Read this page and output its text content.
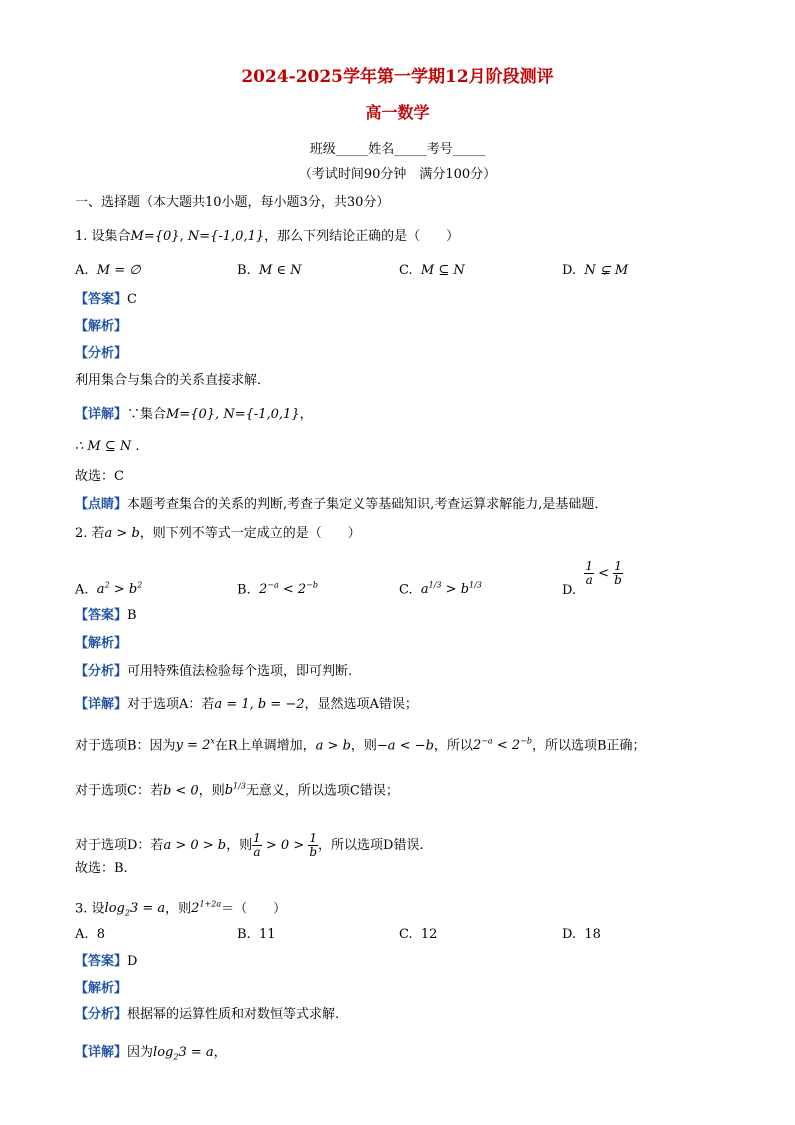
2024-2025学年第一学期12月阶段测评
高一数学
班级_____姓名_____考号_____
（考试时间90分钟　满分100分）
一、选择题（本大题共10小题，每小题3分，共30分）
1. 设集合M={0}, N={-1,0,1}，那么下列结论正确的是（　　）
A. M = ∅	B. M ∈ N	C. M ⊆ N	D. N ⊊ M
【答案】C
【解析】
【分析】
利用集合与集合的关系直接求解．
【详解】∵集合M={0}, N={-1,0,1}，
∴ M ⊆ N .
故选：C
【点睛】本题考查集合的关系的判断,考查子集定义等基础知识,考查运算求解能力,是基础题．
2. 若a > b，则下列不等式一定成立的是（　　）
A. $a^2 > b^2$	B. $2^{-a} < 2^{-b}$	C. $a^{1/3} > b^{1/3}$	D.
$\frac{1}{a} < \frac{1}{b}$
【答案】B
【解析】
【分析】可用特殊值法检验每个选项，即可判断.
【详解】对于选项A：若a = 1, b = −2，显然选项A错误；
对于选项B：因为$y = 2^x$在R上单调增加，a > b，则−a < −b，所以$2^{-a} < 2^{-b}$，所以选项B正确；
对于选项C：若b < 0，则$b^{1/3}$无意义，所以选项C错误；
对于选项D：若a > 0 > b，则 $\frac{1}{a} > 0 > \frac{1}{b}$ ，所以选项D错误.
故选：B.
3. 设$\log_23 = a$，则$2^{1+2a}=$（　　）
A. 8	B. 11	C. 12	D. 18
【答案】D
【解析】
【分析】根据幂的运算性质和对数恒等式求解.
【详解】因为$\log_23 = a$，
